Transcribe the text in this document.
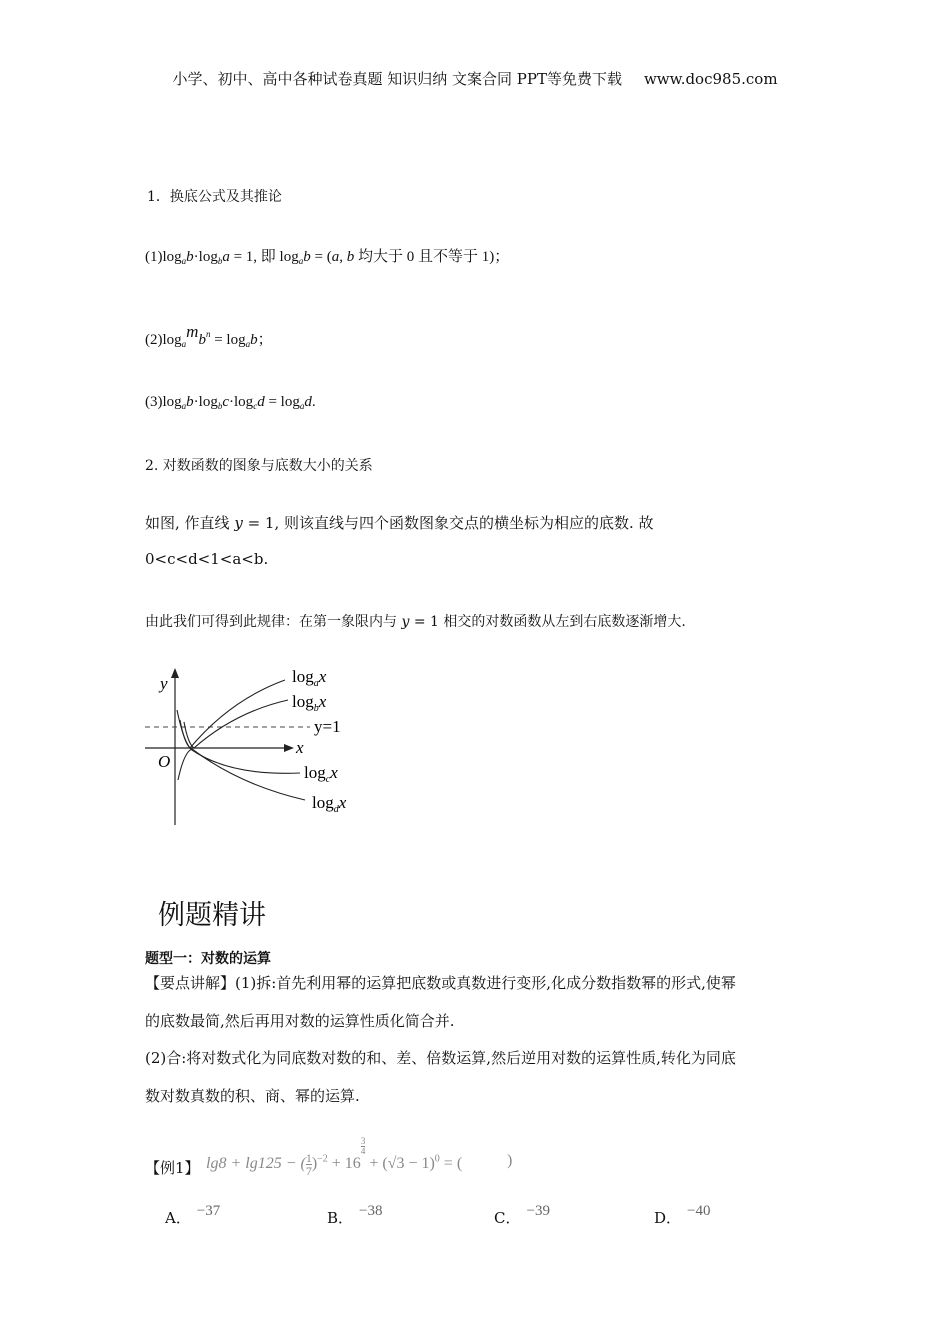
小学、初中、高中各种试卷真题 知识归纳 文案合同 PPT等免费下载 www.doc985.com
1．换底公式及其推论
$(1)\log_ab\cdot\log_ba = 1$, 即 $\log_ab = (a$, b 均大于 0 且不等于 1)；
$(2)\log_amb^n = \log_ab$；
$(3)\log_ab\cdot\log_bc\cdot\log_cd = \log_ad$.
2. 对数函数的图象与底数大小的关系
如图, 作直线 y = 1, 则该直线与四个函数图象交点的横坐标为相应的底数. 故
0<c<d<1<a<b.
由此我们可得到此规律：在第一象限内与 y = 1 相交的对数函数从左到右底数逐渐增大.
y
x
O
y=1
$\log_ax$
$\log_bx$
$\log_cx$
$\log_dx$
例题精讲
题型一：对数的运算
【要点讲解】(1)拆:首先利用幂的运算把底数或真数进行变形,化成分数指数幂的形式,使幂
的底数最简,然后再用对数的运算性质化简合并.
(2)合:将对数式化为同底数对数的和、差、倍数运算,然后逆用对数的运算性质,转化为同底
数对数真数的积、商、幂的运算.
【例1】 lg8 + lg125 − ( $\frac{1}{7} )^{-2} + 16$
$\frac{3}{4}$
+ $(√3 - 1)^0$ = (	)
A． −37	B． −38	C． −39	D． −40
